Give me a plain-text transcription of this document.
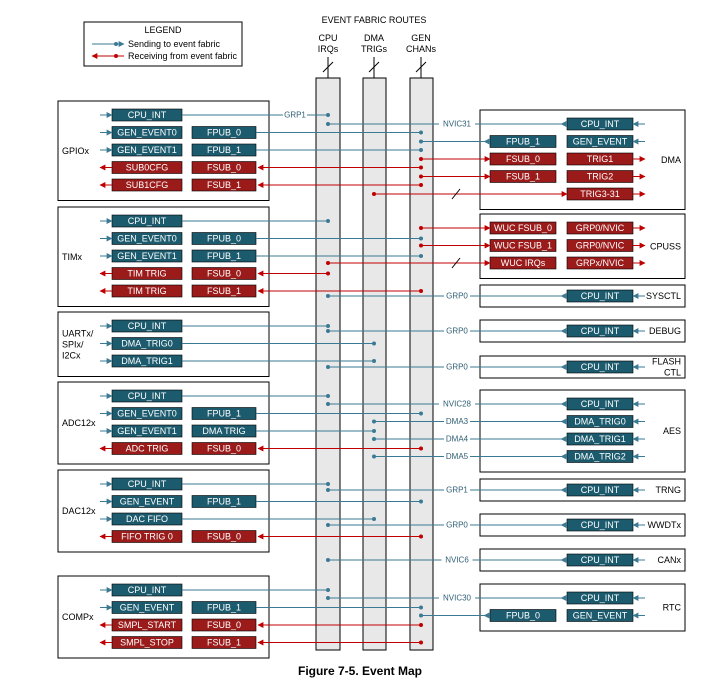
LEGEND
Sending to event fabric
Receiving from event fabric
EVENT FABRIC ROUTES
CPU
IRQs
DMA
TRIGs
GEN
CHANs
GPIOx
CPU_INT
GEN_EVENT0	FPUB_0
GEN_EVENT1	FPUB_1
SUB0CFG	FSUB_0
SUB1CFG	FSUB_1
TIMx
CPU_INT
GEN_EVENT0	FPUB_0
GEN_EVENT1	FPUB_1
TIM TRIG	FSUB_0
TIM TRIG	FSUB_1
UARTx/
SPIx/
I2Cx
CPU_INT
DMA_TRIG0
DMA_TRIG1
ADC12x
CPU_INT
GEN_EVENT0	FPUB_1
GEN_EVENT1	DMA TRIG
ADC TRIG	FSUB_0
DAC12x
CPU_INT
GEN_EVENT	FPUB_1
DAC FIFO
FIFO TRIG 0	FSUB_0
COMPx
CPU_INT
GEN_EVENT	FPUB_1
SMPL_START	FSUB_0
SMPL_STOP	FSUB_1
DMA
CPU_INT
FPUB_1	GEN_EVENT
FSUB_0	TRIG1
FSUB_1	TRIG2
TRIG3-31
CPUSS
WUC FSUB_0	GRP0/NVIC
WUC FSUB_1	GRP0/NVIC
WUC IRQs	GRPx/NVIC
SYSCTL
CPU_INT
DEBUG
CPU_INT
FLASH
CTL
CPU_INT
AES
CPU_INT
DMA_TRIG0
DMA_TRIG1
DMA_TRIG2
TRNG
CPU_INT
WWDTx
CPU_INT
CANx
CPU_INT
RTC
CPU_INT
FPUB_0	GEN_EVENT
GRP1
NVIC31
GRP0
GRP0
GRP0
NVIC28
DMA3
DMA4
DMA5
GRP1
GRP0
NVIC6
NVIC30
Figure 7-5. Event Map
